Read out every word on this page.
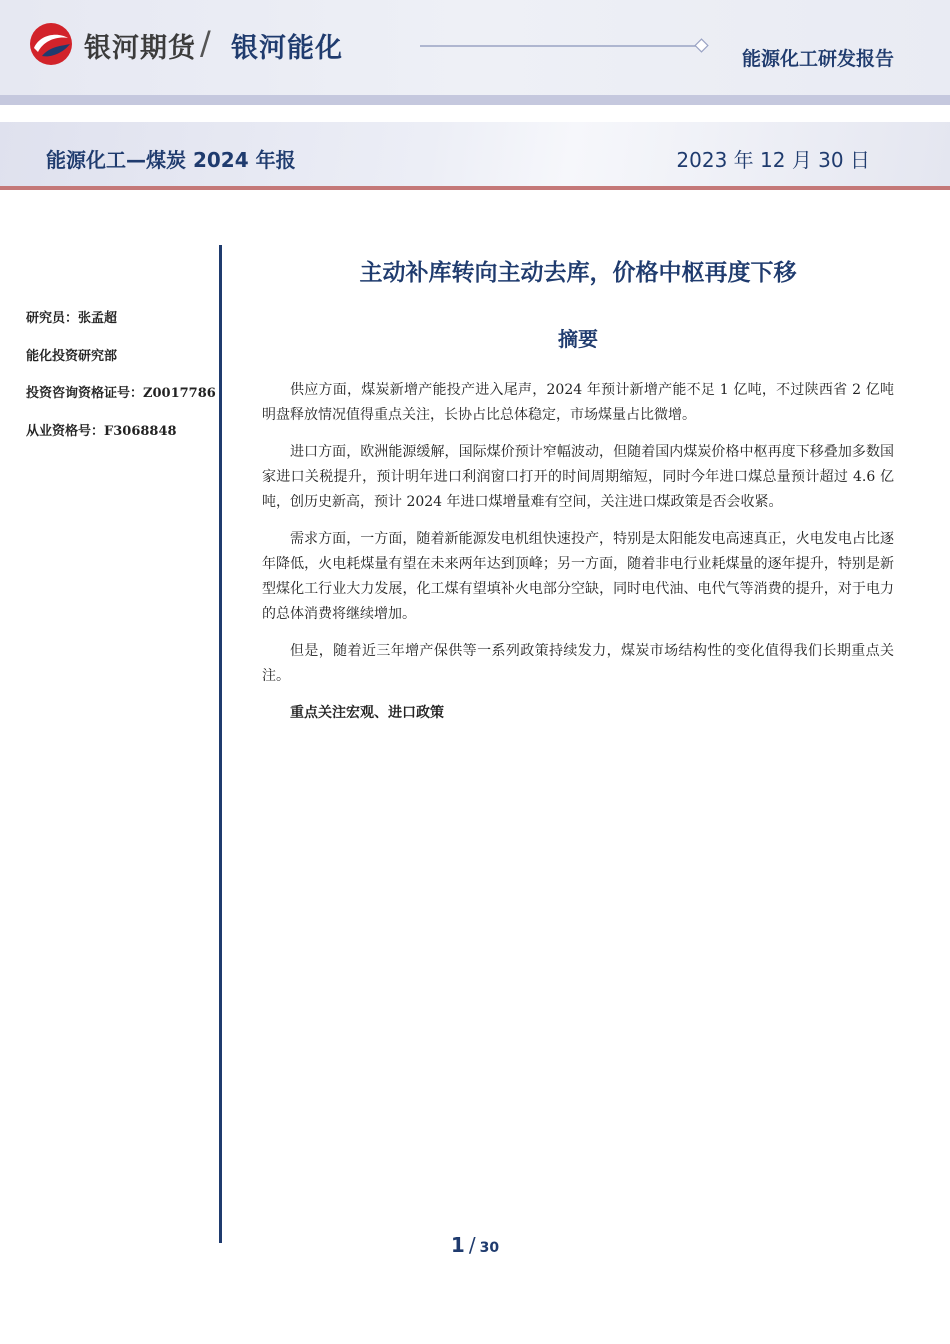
银河期货 / 银河能化	能源化工研发报告
能源化工—煤炭 2024 年报	2023 年 12 月 30 日
研究员：张孟超
能化投资研究部
投资咨询资格证号：Z0017786
从业资格号：F3068848
主动补库转向主动去库，价格中枢再度下移
摘要

供应方面，煤炭新增产能投产进入尾声，2024 年预计新增产能不足 1 亿吨，不过陕西省 2 亿吨明盘释放情况值得重点关注，长协占比总体稳定，市场煤量占比微增。

进口方面，欧洲能源缓解，国际煤价预计窄幅波动，但随着国内煤炭价格中枢再度下移叠加多数国家进口关税提升，预计明年进口利润窗口打开的时间周期缩短，同时今年进口煤总量预计超过 4.6 亿吨，创历史新高，预计 2024 年进口煤增量难有空间，关注进口煤政策是否会收紧。

需求方面，一方面，随着新能源发电机组快速投产，特别是太阳能发电高速真正，火电发电占比逐年降低，火电耗煤量有望在未来两年达到顶峰；另一方面，随着非电行业耗煤量的逐年提升，特别是新型煤化工行业大力发展，化工煤有望填补火电部分空缺，同时电代油、电代气等消费的提升，对于电力的总体消费将继续增加。

但是，随着近三年增产保供等一系列政策持续发力，煤炭市场结构性的变化值得我们长期重点关注。

重点关注宏观、进口政策

1 / 30
